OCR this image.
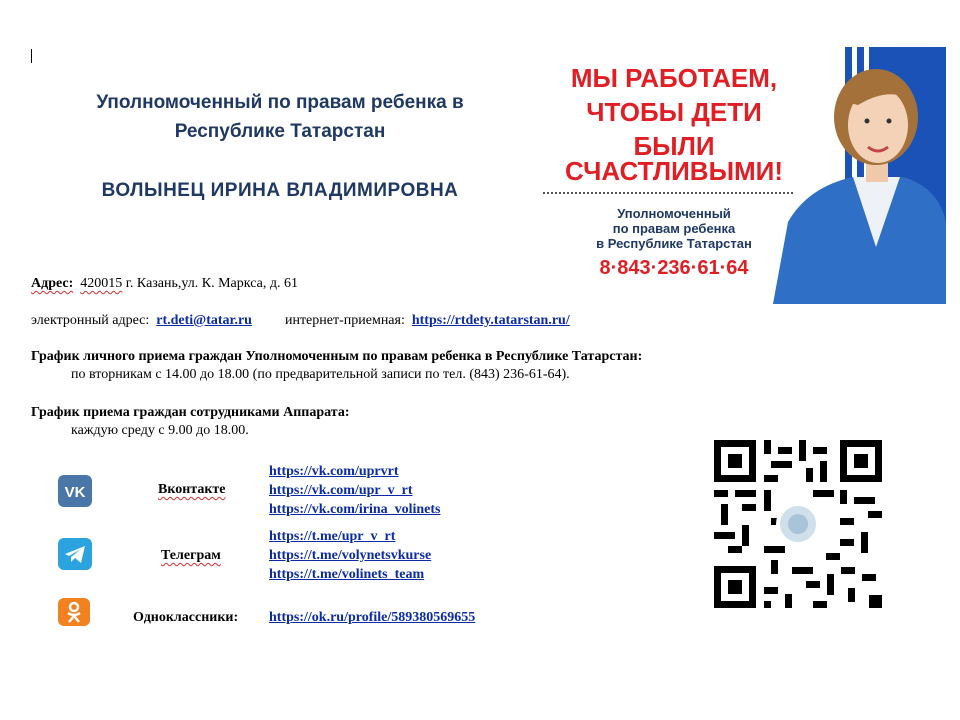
Уполномоченный по правам ребенка в
Республике Татарстан
ВОЛЫНЕЦ ИРИНА ВЛАДИМИРОВНА
МЫ РАБОТАЕМ,
ЧТОБЫ ДЕТИ
БЫЛИ
СЧАСТЛИВЫМИ!
Уполномоченный
по правам ребенка
в Республике Татарстан
8·843·236·61·64
Адрес: 420015 г. Казань,ул. К. Маркса, д. 61
электронный адрес: rt.deti@tatar.ru интернет-приемная: https://rtdety.tatarstan.ru/
График личного приема граждан Уполномоченным по правам ребенка в Республике Татарстан:
по вторникам с 14.00 до 18.00 (по предварительной записи по тел. (843) 236-61-64).
График приема граждан сотрудниками Аппарата:
каждую среду с 9.00 до 18.00.
VK	Вконтакте
https://vk.com/uprvrt
https://vk.com/upr_v_rt
https://vk.com/irina_volinets
Телеграм
https://t.me/upr_v_rt
https://t.me/volynetsvkurse
https://t.me/volinets_team
Одноклассники: https://ok.ru/profile/589380569655
